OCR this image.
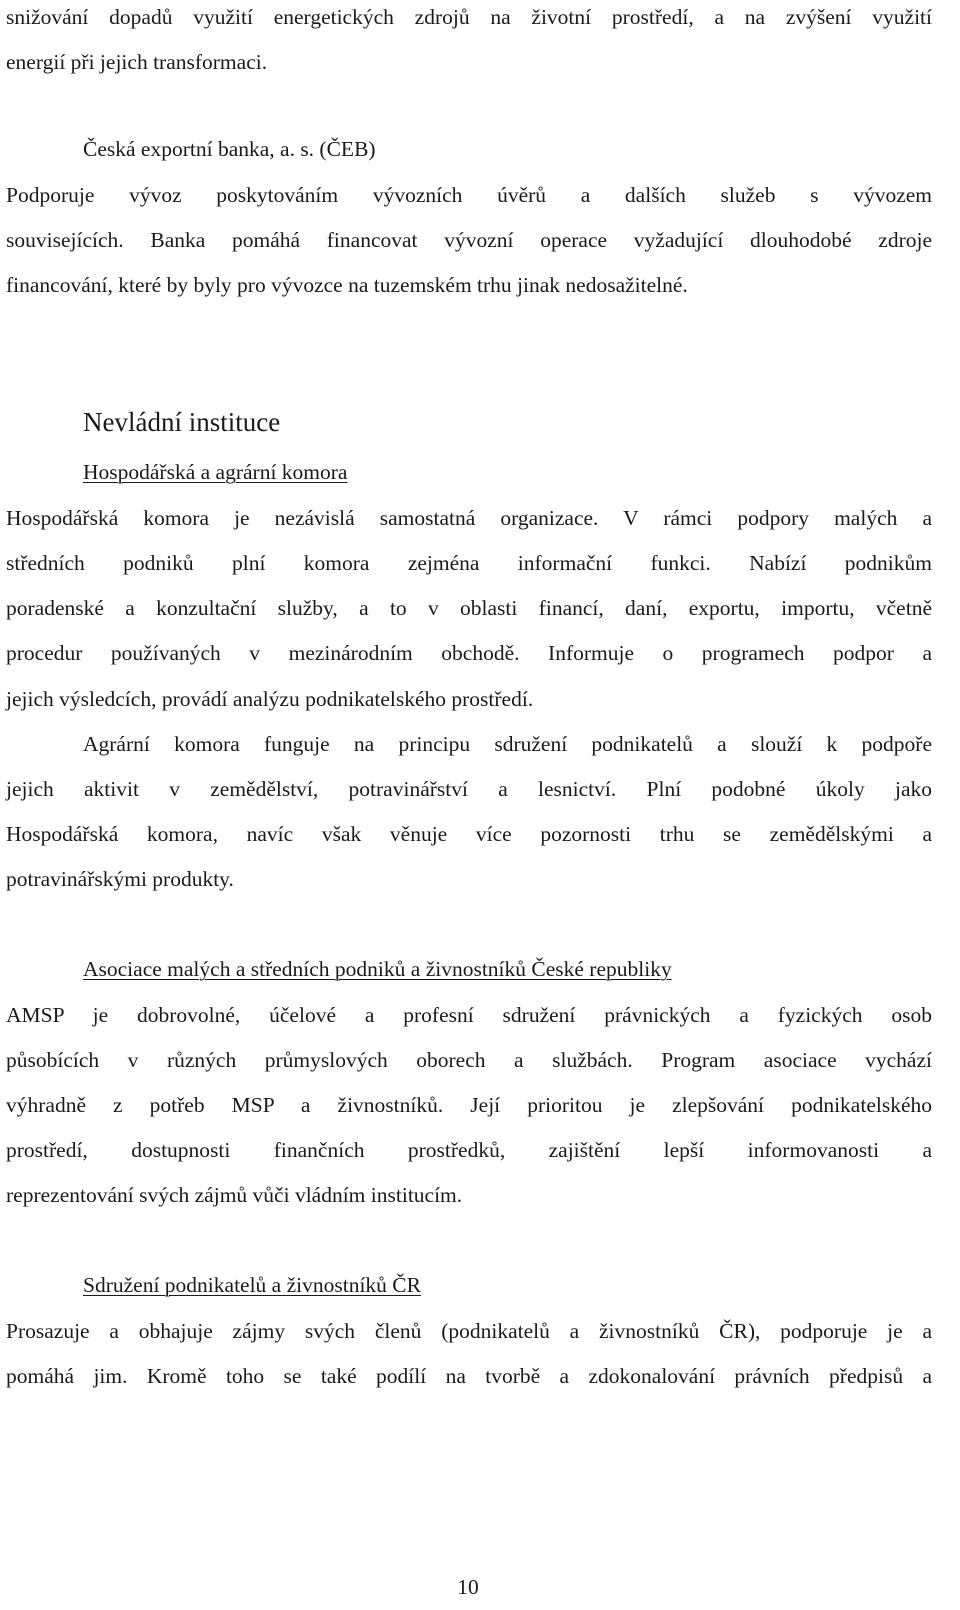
snižování dopadů využití energetických zdrojů na životní prostředí, a na zvýšení využití
energií při jejich transformaci.
Česká exportní banka, a. s. (ČEB)
Podporuje vývoz poskytováním vývozních úvěrů a dalších služeb s vývozem
souvisejících. Banka pomáhá financovat vývozní operace vyžadující dlouhodobé zdroje
financování, které by byly pro vývozce na tuzemském trhu jinak nedosažitelné.
Nevládní instituce
Hospodářská a agrární komora
Hospodářská komora je nezávislá samostatná organizace. V rámci podpory malých a
středních podniků plní komora zejména informační funkci. Nabízí podnikům
poradenské a konzultační služby, a to v oblasti financí, daní, exportu, importu, včetně
procedur používaných v mezinárodním obchodě. Informuje o programech podpor a
jejich výsledcích, provádí analýzu podnikatelského prostředí.
Agrární komora funguje na principu sdružení podnikatelů a slouží k podpoře
jejich aktivit v zemědělství, potravinářství a lesnictví. Plní podobné úkoly jako
Hospodářská komora, navíc však věnuje více pozornosti trhu se zemědělskými a
potravinářskými produkty.
Asociace malých a středních podniků a živnostníků České republiky
AMSP je dobrovolné, účelové a profesní sdružení právnických a fyzických osob
působících v různých průmyslových oborech a službách. Program asociace vychází
výhradně z potřeb MSP a živnostníků. Její prioritou je zlepšování podnikatelského
prostředí, dostupnosti finančních prostředků, zajištění lepší informovanosti a
reprezentování svých zájmů vůči vládním institucím.
Sdružení podnikatelů a živnostníků ČR
Prosazuje a obhajuje zájmy svých členů (podnikatelů a živnostníků ČR), podporuje je a
pomáhá jim. Kromě toho se také podílí na tvorbě a zdokonalování právních předpisů a
10
